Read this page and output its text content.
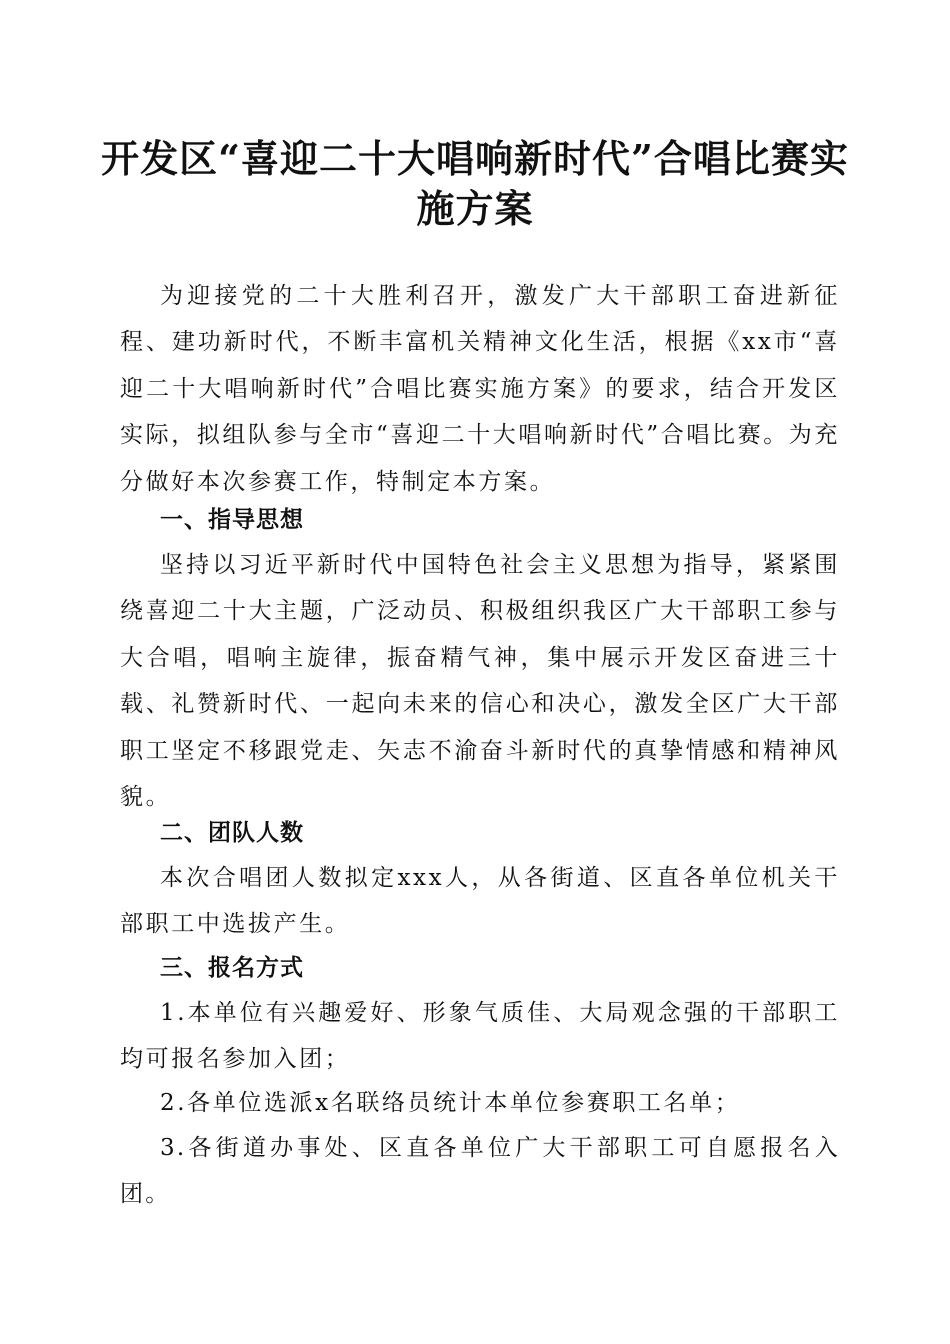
开发区“喜迎二十大唱响新时代”合唱比赛实
施方案

为迎接党的二十大胜利召开，激发广大干部职工奋进新征程、建功新时代，不断丰富机关精神文化生活，根据《xx市“喜迎二十大唱响新时代”合唱比赛实施方案》的要求，结合开发区实际，拟组队参与全市“喜迎二十大唱响新时代”合唱比赛。为充分做好本次参赛工作，特制定本方案。

一、指导思想

坚持以习近平新时代中国特色社会主义思想为指导，紧紧围绕喜迎二十大主题，广泛动员、积极组织我区广大干部职工参与大合唱，唱响主旋律，振奋精气神，集中展示开发区奋进三十载、礼赞新时代、一起向未来的信心和决心，激发全区广大干部职工坚定不移跟党走、矢志不渝奋斗新时代的真挚情感和精神风貌。

二、团队人数

本次合唱团人数拟定xxx人，从各街道、区直各单位机关干部职工中选拔产生。

三、报名方式

1.本单位有兴趣爱好、形象气质佳、大局观念强的干部职工均可报名参加入团；

2.各单位选派x名联络员统计本单位参赛职工名单；

3.各街道办事处、区直各单位广大干部职工可自愿报名入团。
